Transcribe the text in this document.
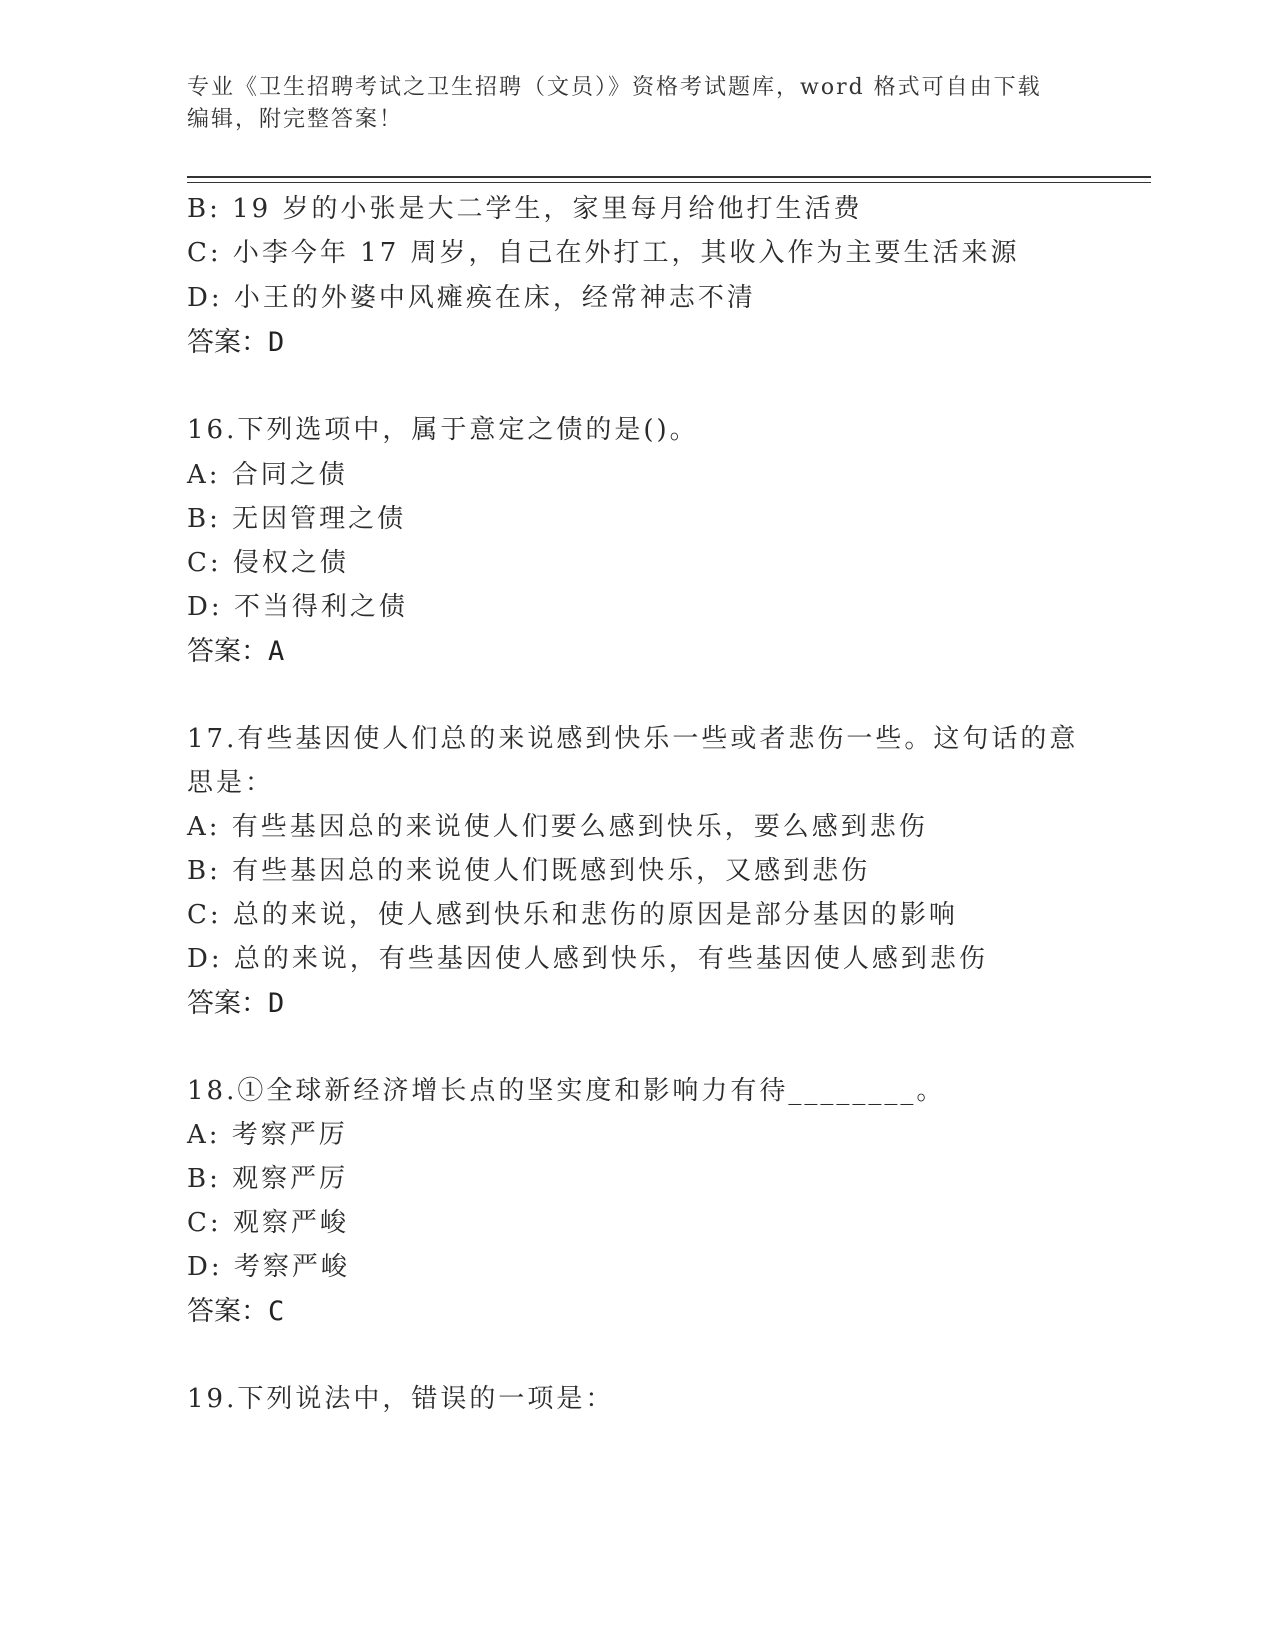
专业《卫生招聘考试之卫生招聘（文员）》资格考试题库，word 格式可自由下载
编辑，附完整答案！
B: 19 岁的小张是大二学生，家里每月给他打生活费
C: 小李今年 17 周岁，自己在外打工，其收入作为主要生活来源
D: 小王的外婆中风瘫痪在床，经常神志不清
答案：D
16.下列选项中，属于意定之债的是()。
A: 合同之债
B: 无因管理之债
C: 侵权之债
D: 不当得利之债
答案：A
17.有些基因使人们总的来说感到快乐一些或者悲伤一些。这句话的意
思是：
A: 有些基因总的来说使人们要么感到快乐，要么感到悲伤
B: 有些基因总的来说使人们既感到快乐，又感到悲伤
C: 总的来说，使人感到快乐和悲伤的原因是部分基因的影响
D: 总的来说，有些基因使人感到快乐，有些基因使人感到悲伤
答案：D
18.①全球新经济增长点的坚实度和影响力有待________。
A: 考察严厉
B: 观察严厉
C: 观察严峻
D: 考察严峻
答案：C
19.下列说法中，错误的一项是：
